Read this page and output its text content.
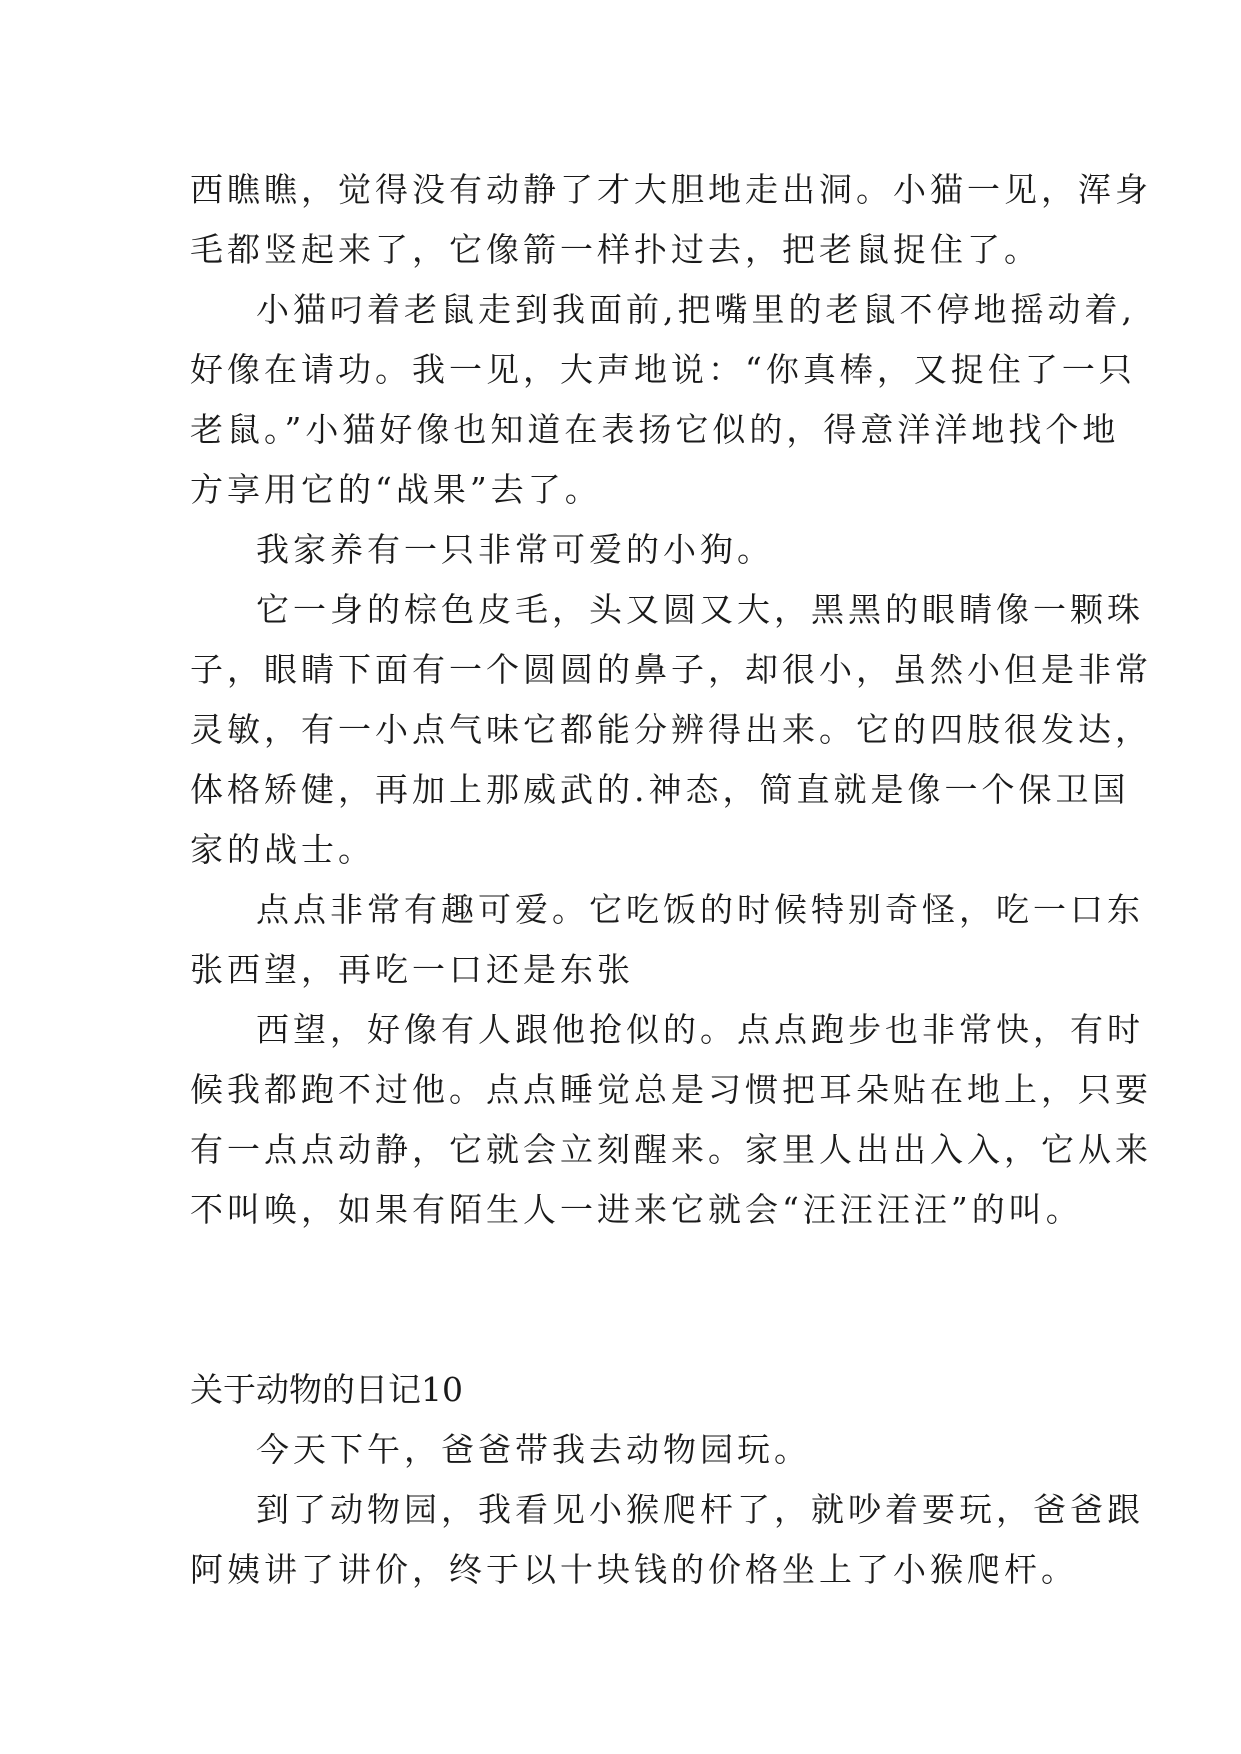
西瞧瞧，觉得没有动静了才大胆地走出洞。小猫一见，浑身
毛都竖起来了，它像箭一样扑过去，把老鼠捉住了。
小猫叼着老鼠走到我面前,把嘴里的老鼠不停地摇动着,
好像在请功。我一见，大声地说：“你真棒，又捉住了一只
老鼠。”小猫好像也知道在表扬它似的，得意洋洋地找个地
方享用它的“战果”去了。
我家养有一只非常可爱的小狗。
它一身的棕色皮毛，头又圆又大，黑黑的眼睛像一颗珠
子，眼睛下面有一个圆圆的鼻子，却很小，虽然小但是非常
灵敏，有一小点气味它都能分辨得出来。它的四肢很发达，
体格矫健，再加上那威武的.神态，简直就是像一个保卫国
家的战士。
点点非常有趣可爱。它吃饭的时候特别奇怪，吃一口东
张西望，再吃一口还是东张
西望，好像有人跟他抢似的。点点跑步也非常快，有时
候我都跑不过他。点点睡觉总是习惯把耳朵贴在地上，只要
有一点点动静，它就会立刻醒来。家里人出出入入，它从来
不叫唤，如果有陌生人一进来它就会“汪汪汪汪”的叫。
关于动物的日记10
今天下午，爸爸带我去动物园玩。
到了动物园，我看见小猴爬杆了，就吵着要玩，爸爸跟
阿姨讲了讲价，终于以十块钱的价格坐上了小猴爬杆。
